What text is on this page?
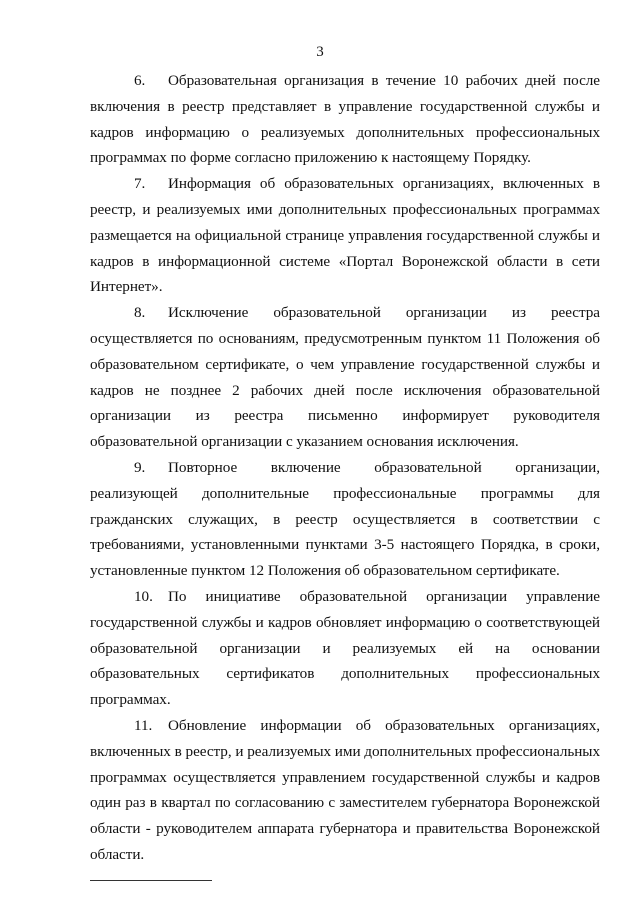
3

6. Образовательная организация в течение 10 рабочих дней после включения в реестр представляет в управление государственной службы и кадров информацию о реализуемых дополнительных профессиональных программах по форме согласно приложению к настоящему Порядку.

7. Информация об образовательных организациях, включенных в реестр, и реализуемых ими дополнительных профессиональных программах размещается на официальной странице управления государственной службы и кадров в информационной системе «Портал Воронежской области в сети Интернет».

8. Исключение образовательной организации из реестра осуществляется по основаниям, предусмотренным пунктом 11 Положения об образовательном сертификате, о чем управление государственной службы и кадров не позднее 2 рабочих дней после исключения образовательной организации из реестра письменно информирует руководителя образовательной организации с указанием основания исключения.

9. Повторное включение образовательной организации, реализующей дополнительные профессиональные программы для гражданских служащих, в реестр осуществляется в соответствии с требованиями, установленными пунктами 3-5 настоящего Порядка, в сроки, установленные пунктом 12 Положения об образовательном сертификате.

10. По инициативе образовательной организации управление государственной службы и кадров обновляет информацию о соответствующей образовательной организации и реализуемых ей на основании образовательных сертификатов дополнительных профессиональных программах.

11. Обновление информации об образовательных организациях, включенных в реестр, и реализуемых ими дополнительных профессиональных программах осуществляется управлением государственной службы и кадров один раз в квартал по согласованию с заместителем губернатора Воронежской области - руководителем аппарата губернатора и правительства Воронежской области.
